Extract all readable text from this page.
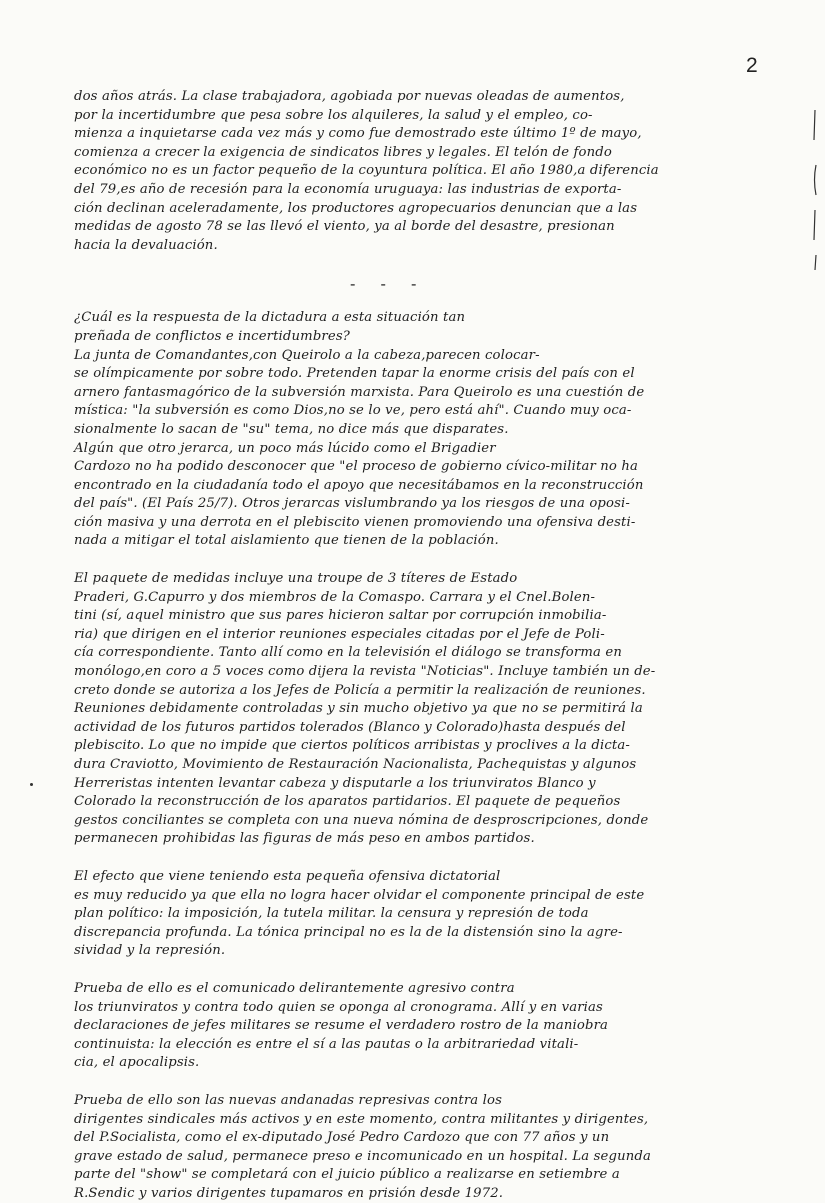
2

dos años atrás. La clase trabajadora, agobiada por nuevas oleadas de aumentos,
por la incertidumbre que pesa sobre los alquileres, la salud y el empleo, co-
mienza a inquietarse cada vez más y como fue demostrado este último 1º de mayo,
comienza a crecer la exigencia de sindicatos libres y legales. El telón de fondo
económico no es un factor pequeño de la coyuntura política. El año 1980,a diferencia
del 79,es año de recesión para la economía uruguaya: las industrias de exporta-
ción declinan aceleradamente, los productores agropecuarios denuncian que a las
medidas de agosto 78 se las llevó el viento, ya al borde del desastre, presionan
hacia la devaluación.

- - -

¿Cuál es la respuesta de la dictadura a esta situación tan
preñada de conflictos e incertidumbres?
La junta de Comandantes,con Queirolo a la cabeza,parecen colocar-
se olímpicamente por sobre todo. Pretenden tapar la enorme crisis del país con el
arnero fantasmagórico de la subversión marxista. Para Queirolo es una cuestión de
mística: "la subversión es como Dios,no se lo ve, pero está ahí". Cuando muy oca-
sionalmente lo sacan de "su" tema, no dice más que disparates.
Algún que otro jerarca, un poco más lúcido como el Brigadier
Cardozo no ha podido desconocer que "el proceso de gobierno cívico-militar no ha
encontrado en la ciudadanía todo el apoyo que necesitábamos en la reconstrucción
del país". (El País 25/7). Otros jerarcas vislumbrando ya los riesgos de una oposi-
ción masiva y una derrota en el plebiscito vienen promoviendo una ofensiva desti-
nada a mitigar el total aislamiento que tienen de la población.

El paquete de medidas incluye una troupe de 3 títeres de Estado
Praderi, G.Capurro y dos miembros de la Comaspo. Carrara y el Cnel.Bolen-
tini (sí, aquel ministro que sus pares hicieron saltar por corrupción inmobilia-
ria) que dirigen en el interior reuniones especiales citadas por el Jefe de Poli-
cía correspondiente. Tanto allí como en la televisión el diálogo se transforma en
monólogo,en coro a 5 voces como dijera la revista "Noticias". Incluye también un de-
creto donde se autoriza a los Jefes de Policía a permitir la realización de reuniones.
Reuniones debidamente controladas y sin mucho objetivo ya que no se permitirá la
actividad de los futuros partidos tolerados (Blanco y Colorado)hasta después del
plebiscito. Lo que no impide que ciertos políticos arribistas y proclives a la dicta-
dura Craviotto, Movimiento de Restauración Nacionalista, Pachequistas y algunos
Herreristas intenten levantar cabeza y disputarle a los triunviratos Blanco y
Colorado la reconstrucción de los aparatos partidarios. El paquete de pequeños
gestos conciliantes se completa con una nueva nómina de desproscripciones, donde
permanecen prohibidas las figuras de más peso en ambos partidos.

El efecto que viene teniendo esta pequeña ofensiva dictatorial
es muy reducido ya que ella no logra hacer olvidar el componente principal de este
plan político: la imposición, la tutela militar. la censura y represión de toda
discrepancia profunda. La tónica principal no es la de la distensión sino la agre-
sividad y la represión.

Prueba de ello es el comunicado delirantemente agresivo contra
los triunviratos y contra todo quien se oponga al cronograma. Allí y en varias
declaraciones de jefes militares se resume el verdadero rostro de la maniobra
continuista: la elección es entre el sí a las pautas o la arbitrariedad vitali-
cia, el apocalipsis.

Prueba de ello son las nuevas andanadas represivas contra los
dirigentes sindicales más activos y en este momento, contra militantes y dirigentes,
del P.Socialista, como el ex-diputado José Pedro Cardozo que con 77 años y un
grave estado de salud, permanece preso e incomunicado en un hospital. La segunda
parte del "show" se completará con el juicio público a realizarse en setiembre a
R.Sendic y varios dirigentes tupamaros en prisión desde 1972.
